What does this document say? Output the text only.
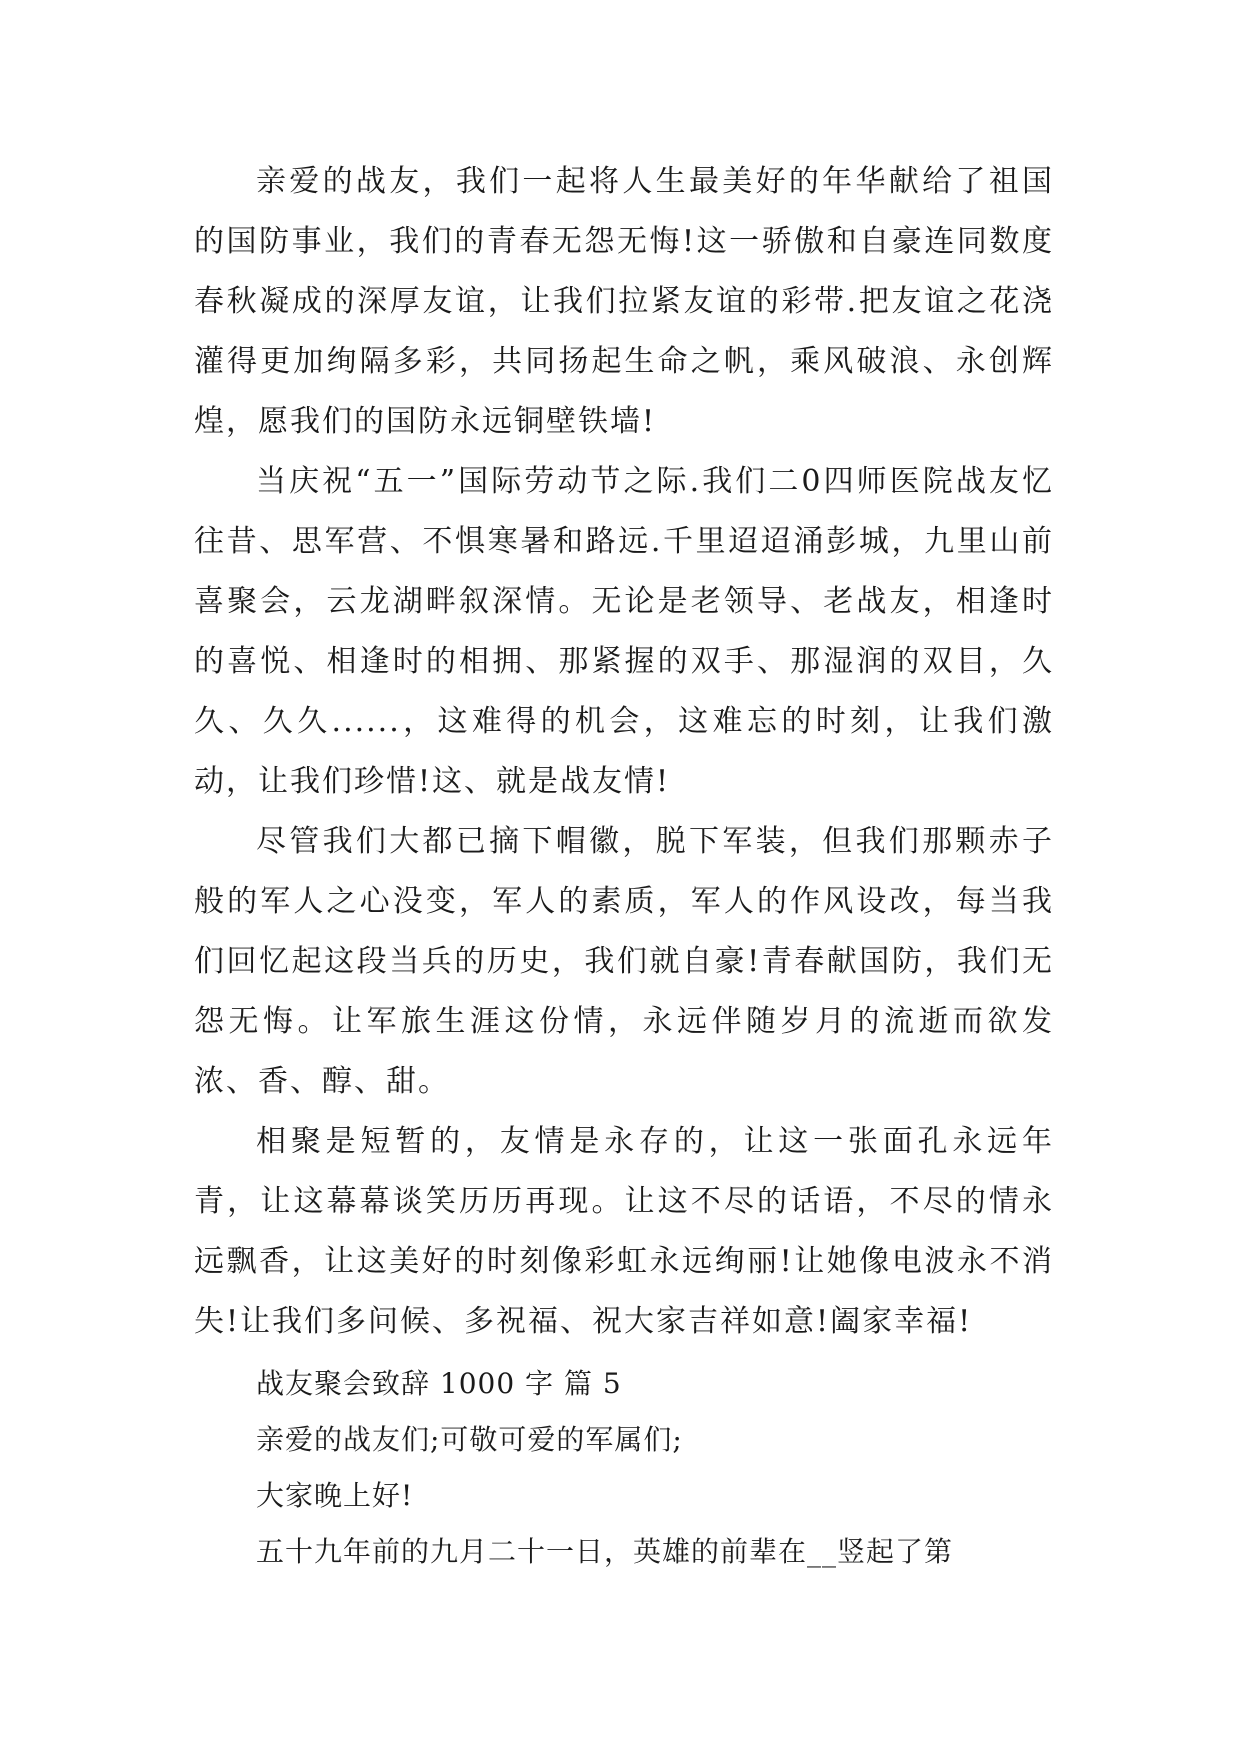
亲爱的战友，我们一起将人生最美好的年华献给了祖国的国防事业，我们的青春无怨无悔!这一骄傲和自豪连同数度春秋凝成的深厚友谊，让我们拉紧友谊的彩带.把友谊之花浇灌得更加绚隔多彩，共同扬起生命之帆，乘风破浪、永创辉煌，愿我们的国防永远铜壁铁墙!

当庆祝“五一”国际劳动节之际.我们二0四师医院战友忆往昔、思军营、不惧寒暑和路远.千里迢迢涌彭城，九里山前喜聚会，云龙湖畔叙深情。无论是老领导、老战友，相逢时的喜悦、相逢时的相拥、那紧握的双手、那湿润的双目，久久、久久......，这难得的机会，这难忘的时刻，让我们激动，让我们珍惜!这、就是战友情!

尽管我们大都已摘下帽徽，脱下军装，但我们那颗赤子般的军人之心没变，军人的素质，军人的作风设改，每当我们回忆起这段当兵的历史，我们就自豪!青春献国防，我们无怨无悔。让军旅生涯这份情，永远伴随岁月的流逝而欲发浓、香、醇、甜。

相聚是短暂的，友情是永存的，让这一张面孔永远年青，让这幕幕谈笑历历再现。让这不尽的话语，不尽的情永远飘香，让这美好的时刻像彩虹永远绚丽!让她像电波永不消失!让我们多问候、多祝福、祝大家吉祥如意!阖家幸福!

战友聚会致辞 1000 字 篇 5

亲爱的战友们;可敬可爱的军属们;

大家晚上好!

五十九年前的九月二十一日，英雄的前辈在__竖起了第
